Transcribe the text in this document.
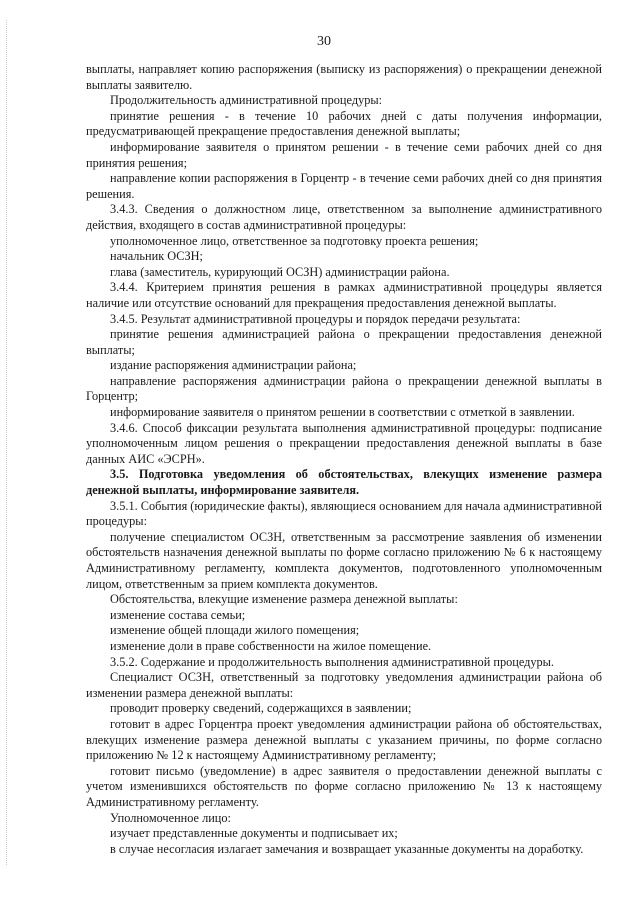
30

выплаты, направляет копию распоряжения (выписку из распоряжения) о прекращении денежной выплаты заявителю.

Продолжительность административной процедуры:

принятие решения - в течение 10 рабочих дней с даты получения информации, предусматривающей прекращение предоставления денежной выплаты;

информирование заявителя о принятом решении - в течение семи рабочих дней со дня принятия решения;

направление копии распоряжения в Горцентр - в течение семи рабочих дней со дня принятия решения.

3.4.3. Сведения о должностном лице, ответственном за выполнение административного действия, входящего в состав административной процедуры:

уполномоченное лицо, ответственное за подготовку проекта решения;

начальник ОСЗН;

глава (заместитель, курирующий ОСЗН) администрации района.

3.4.4. Критерием принятия решения в рамках административной процедуры является наличие или отсутствие оснований для прекращения предоставления денежной выплаты.

3.4.5. Результат административной процедуры и порядок передачи результата:

принятие решения администрацией района о прекращении предоставления денежной выплаты;

издание распоряжения администрации района;

направление распоряжения администрации района о прекращении денежной выплаты в Горцентр;

информирование заявителя о принятом решении в соответствии с отметкой в заявлении.

3.4.6. Способ фиксации результата выполнения административной процедуры: подписание уполномоченным лицом решения о прекращении предоставления денежной выплаты в базе данных АИС «ЭСРН».

3.5. Подготовка уведомления об обстоятельствах, влекущих изменение размера денежной выплаты, информирование заявителя.

3.5.1. События (юридические факты), являющиеся основанием для начала административной процедуры:

получение специалистом ОСЗН, ответственным за рассмотрение заявления об изменении обстоятельств назначения денежной выплаты по форме согласно приложению № 6 к настоящему Административному регламенту, комплекта документов, подготовленного уполномоченным лицом, ответственным за прием комплекта документов.

Обстоятельства, влекущие изменение размера денежной выплаты:

изменение состава семьи;

изменение общей площади жилого помещения;

изменение доли в праве собственности на жилое помещение.

3.5.2. Содержание и продолжительность выполнения административной процедуры.

Специалист ОСЗН, ответственный за подготовку уведомления администрации района об изменении размера денежной выплаты:

проводит проверку сведений, содержащихся в заявлении;

готовит в адрес Горцентра проект уведомления администрации района об обстоятельствах, влекущих изменение размера денежной выплаты с указанием причины, по форме согласно приложению № 12 к настоящему Административному регламенту;

готовит письмо (уведомление) в адрес заявителя о предоставлении денежной выплаты с учетом изменившихся обстоятельств по форме согласно приложению № 13 к настоящему Административному регламенту.

Уполномоченное лицо:

изучает представленные документы и подписывает их;

в случае несогласия излагает замечания и возвращает указанные документы на доработку.
